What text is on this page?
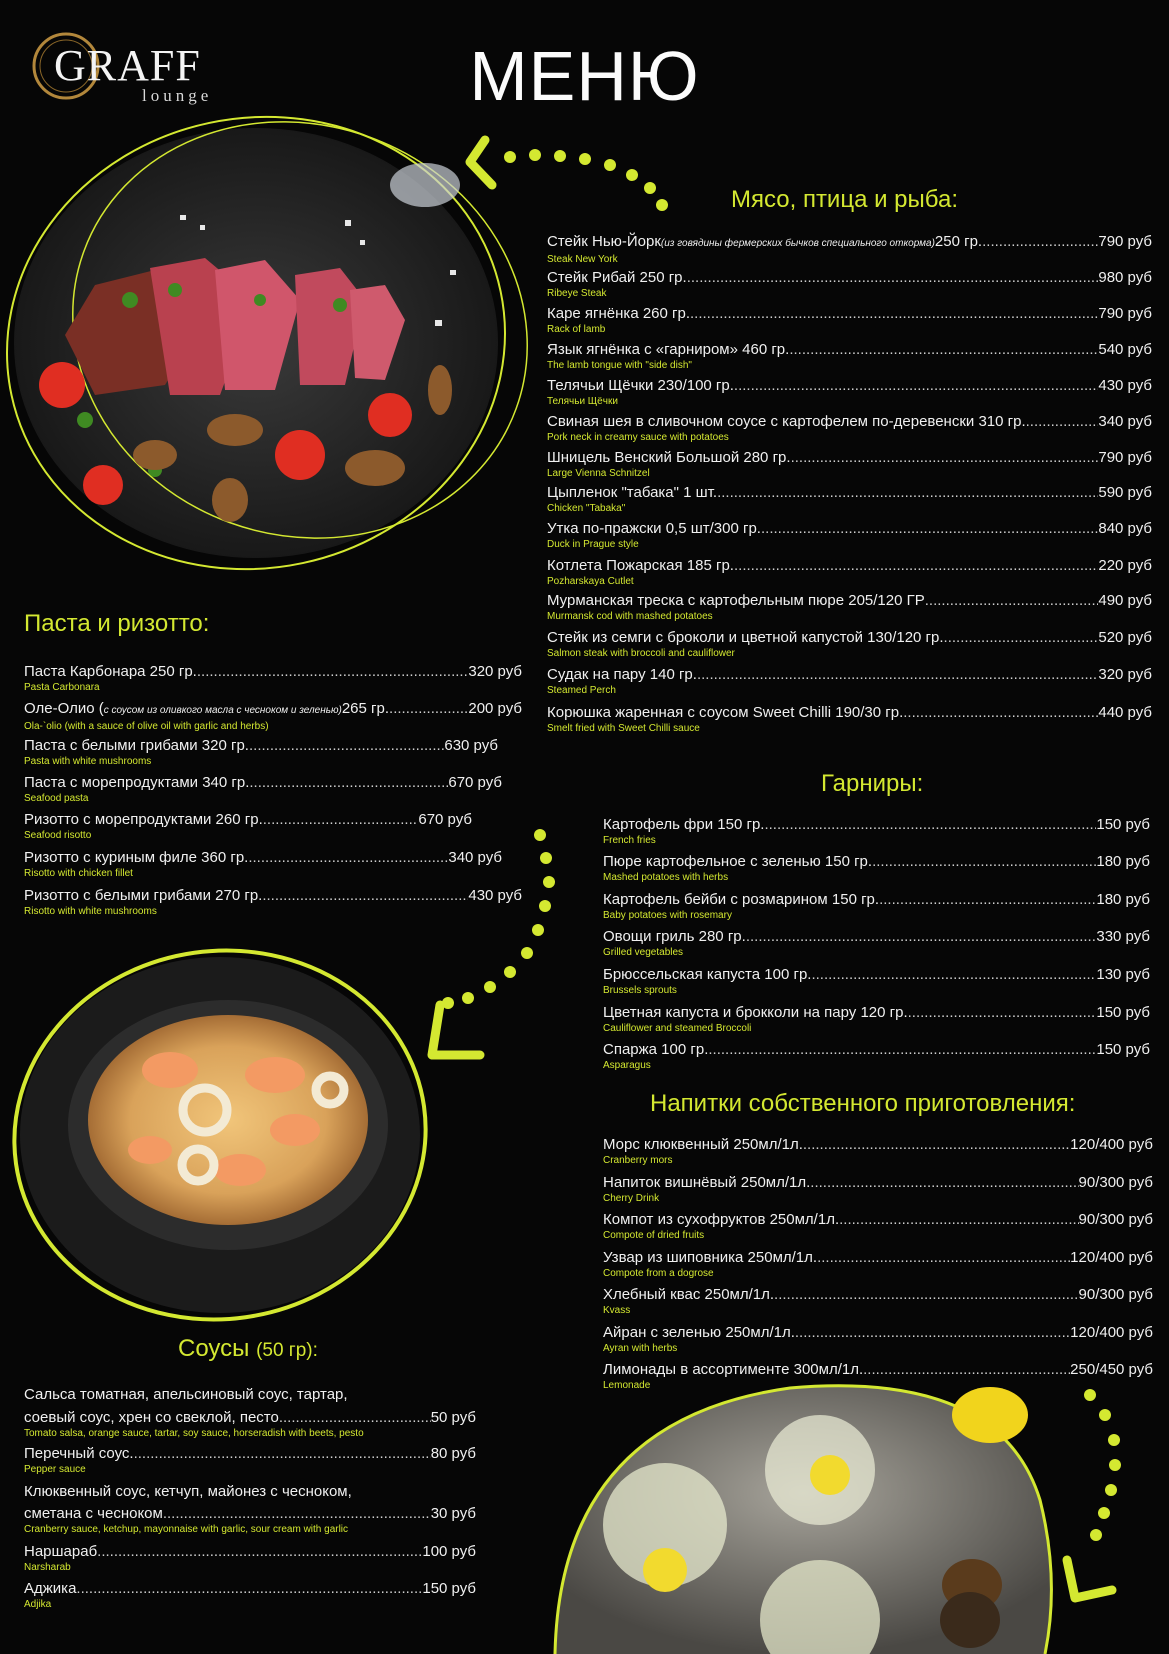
GRAFF
lounge	МЕНЮ
Мясо, птица и рыба:
Паста и ризотто:
Гарниры:
Напитки собственного приготовления:
Соусы (50 гр):
Стейк Нью-Йорк (из говядины фермерских бычков специального откорма) 250 гр. .....	790 руб
Steak New York
Стейк Рибай 250 гр. .....	980 руб
Ribeye Steak
Каре ягнёнка 260 гр. .....	790 руб
Rack of lamb
Язык ягнёнка с «гарниром» 460 гр. .....	540 руб
The lamb tongue with "side dish"
Телячьи Щёчки 230/100 гр. .....	430 руб
Телячьи Щёчки
Свиная шея в сливочном соусе с картофелем по-деревенски 310 гр. .....	340 руб
Pork neck in creamy sauce with potatoes
Шницель Венский Большой 280 гр. .....	790 руб
Large Vienna Schnitzel
Цыпленок "табака" 1 шт. .....	590 руб
Chicken "Tabaka"
Утка по-пражски 0,5 шт/300 гр. .....	840 руб
Duck in Prague style
Котлета Пожарская 185 гр. .....	220 руб
Pozharskaya Cutlet
Мурманская треска с картофельным пюре 205/120 ГР .....	490 руб
Murmansk cod with mashed potatoes
Стейк из семги с броколи и цветной капустой 130/120 гр. .....	520 руб
Salmon steak with broccoli and cauliflower
Судак на пару 140 гр. .....	320 руб
Steamed Perch
Корюшка жаренная с соусом Sweet Chilli 190/30 гр. .....	440 руб
Smelt fried with Sweet Chilli sauce
Паста Карбонара 250 гр. .....	320 руб
Pasta Carbonara
Оле-Олио ( с соусом из оливкого масла с чесноком и зеленью) 265 гр. .....	200 руб
Ola-`olio (with a sauce of olive oil with garlic and herbs)
Паста с белыми грибами 320 гр. .....	630 руб
Pasta with white mushrooms
Паста с морепродуктами 340 гр. .....	670 руб
Seafood pasta
Ризотто с морепродуктами 260 гр. .....	670 руб
Seafood risotto
Ризотто с куриным филе 360 гр. .....	340 руб
Risotto with chicken fillet
Ризотто с белыми грибами 270 гр. .....	430 руб
Risotto with white mushrooms
Картофель фри 150 гр. .....	150 руб
French fries
Пюре картофельное с зеленью 150 гр. .....	180 руб
Mashed potatoes with herbs
Картофель бейби с розмарином 150 гр. .....	180 руб
Baby potatoes with rosemary
Овощи гриль 280 гр. .....	330 руб
Grilled vegetables
Брюссельская капуста 100 гр. .....	130 руб
Brussels sprouts
Цветная капуста и брокколи на пару 120 гр. .....	150 руб
Cauliflower and steamed Broccoli
Спаржа 100 гр. .....	150 руб
Asparagus
Морс клюквенный 250мл/1л. .....	120/400 руб
Cranberry mors
Напиток вишнёвый 250мл/1л. .....	90/300 руб
Cherry Drink
Компот из сухофруктов 250мл/1л. .....	90/300 руб
Compote of dried fruits
Узвар из шиповника 250мл/1л. .....	120/400 руб
Compote from a dogrose
Хлебный квас 250мл/1л. .....	90/300 руб
Kvass
Айран с зеленью 250мл/1л. .....	120/400 руб
Ayran with herbs
Лимонады в ассортименте 300мл/1л. .....	250/450 руб
Lemonade
Сальса томатная, апельсиновый соус, тартар,
соевый соус, хрен со свеклой, песто .....	50 руб
Tomato salsa, orange sauce, tartar, soy sauce, horseradish with beets, pesto
Перечный соус. .....	80 руб
Pepper sauce
Клюквенный соус, кетчуп, майонез с чесноком,
сметана с чесноком .....	30 руб
Cranberry sauce, ketchup, mayonnaise with garlic, sour cream with garlic
Наршараб .....	100 руб
Narsharab
Аджика .....	150 руб
Adjika
